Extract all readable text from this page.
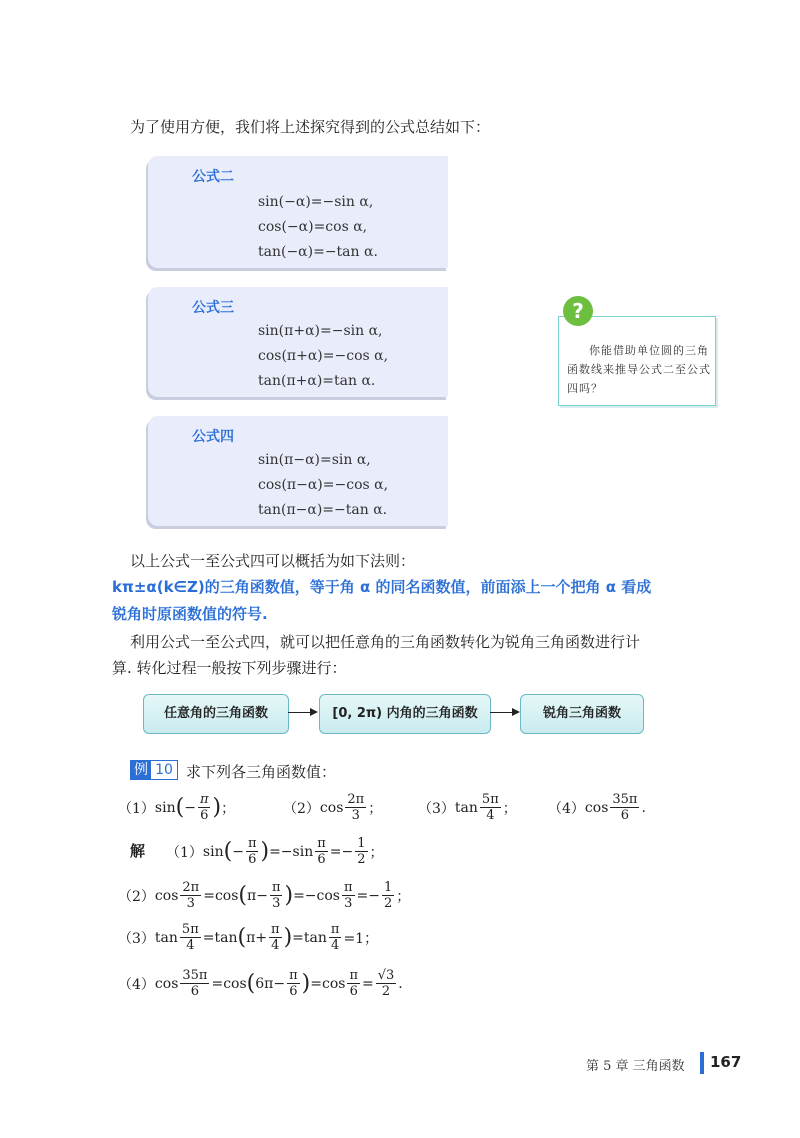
为了使用方便，我们将上述探究得到的公式总结如下：
公式二
sin(−α)=−sin α,
cos(−α)=cos α,
tan(−α)=−tan α.
公式三
sin(π+α)=−sin α,
cos(π+α)=−cos α,
tan(π+α)=tan α.
公式四
sin(π−α)=sin α,
cos(π−α)=−cos α,
tan(π−α)=−tan α.
你能借助单位圆的三角函数线来推导公式二至公式四吗？
?
以上公式一至公式四可以概括为如下法则：
kπ±α(k∈Z)的三角函数值，等于角 α 的同名函数值，前面添上一个把角 α 看成
锐角时原函数值的符号.
利用公式一至公式四，就可以把任意角的三角函数转化为锐角三角函数进行计
算. 转化过程一般按下列步骤进行：
任意角的三角函数	[0, 2π) 内角的三角函数	锐角三角函数
例 10 求下列各三角函数值：
（1） sin ( − $\frac{\pi}{6}$ ) ；	（2） $\cos \frac{2\pi}{3}$ ；	（3） $\tan \frac{5\pi}{4}$ ； （4） $\cos \frac{35\pi}{6}$ .
解 （1） sin ( − $\frac{\pi}{6}$ ) $=-\sin \frac{\pi}{6} =- \frac{1}{2}$ ；
（2） $\cos \frac{2\pi}{3} =\cos$ ( $\pi- \frac{\pi}{3}$ ) $=-\cos \frac{\pi}{3} =- \frac{1}{2}$ ；
（3） $\tan \frac{5\pi}{4} =\tan$ ( $\pi+ \frac{\pi}{4}$ ) $=\tan \frac{\pi}{4} =1$；
（4） $\cos \frac{35\pi}{6} =\cos$ ( $6\pi- \frac{\pi}{6}$ ) $=\cos \frac{\pi}{6} = \frac{√3}{2}$ .
第 5 章 三角函数 167
